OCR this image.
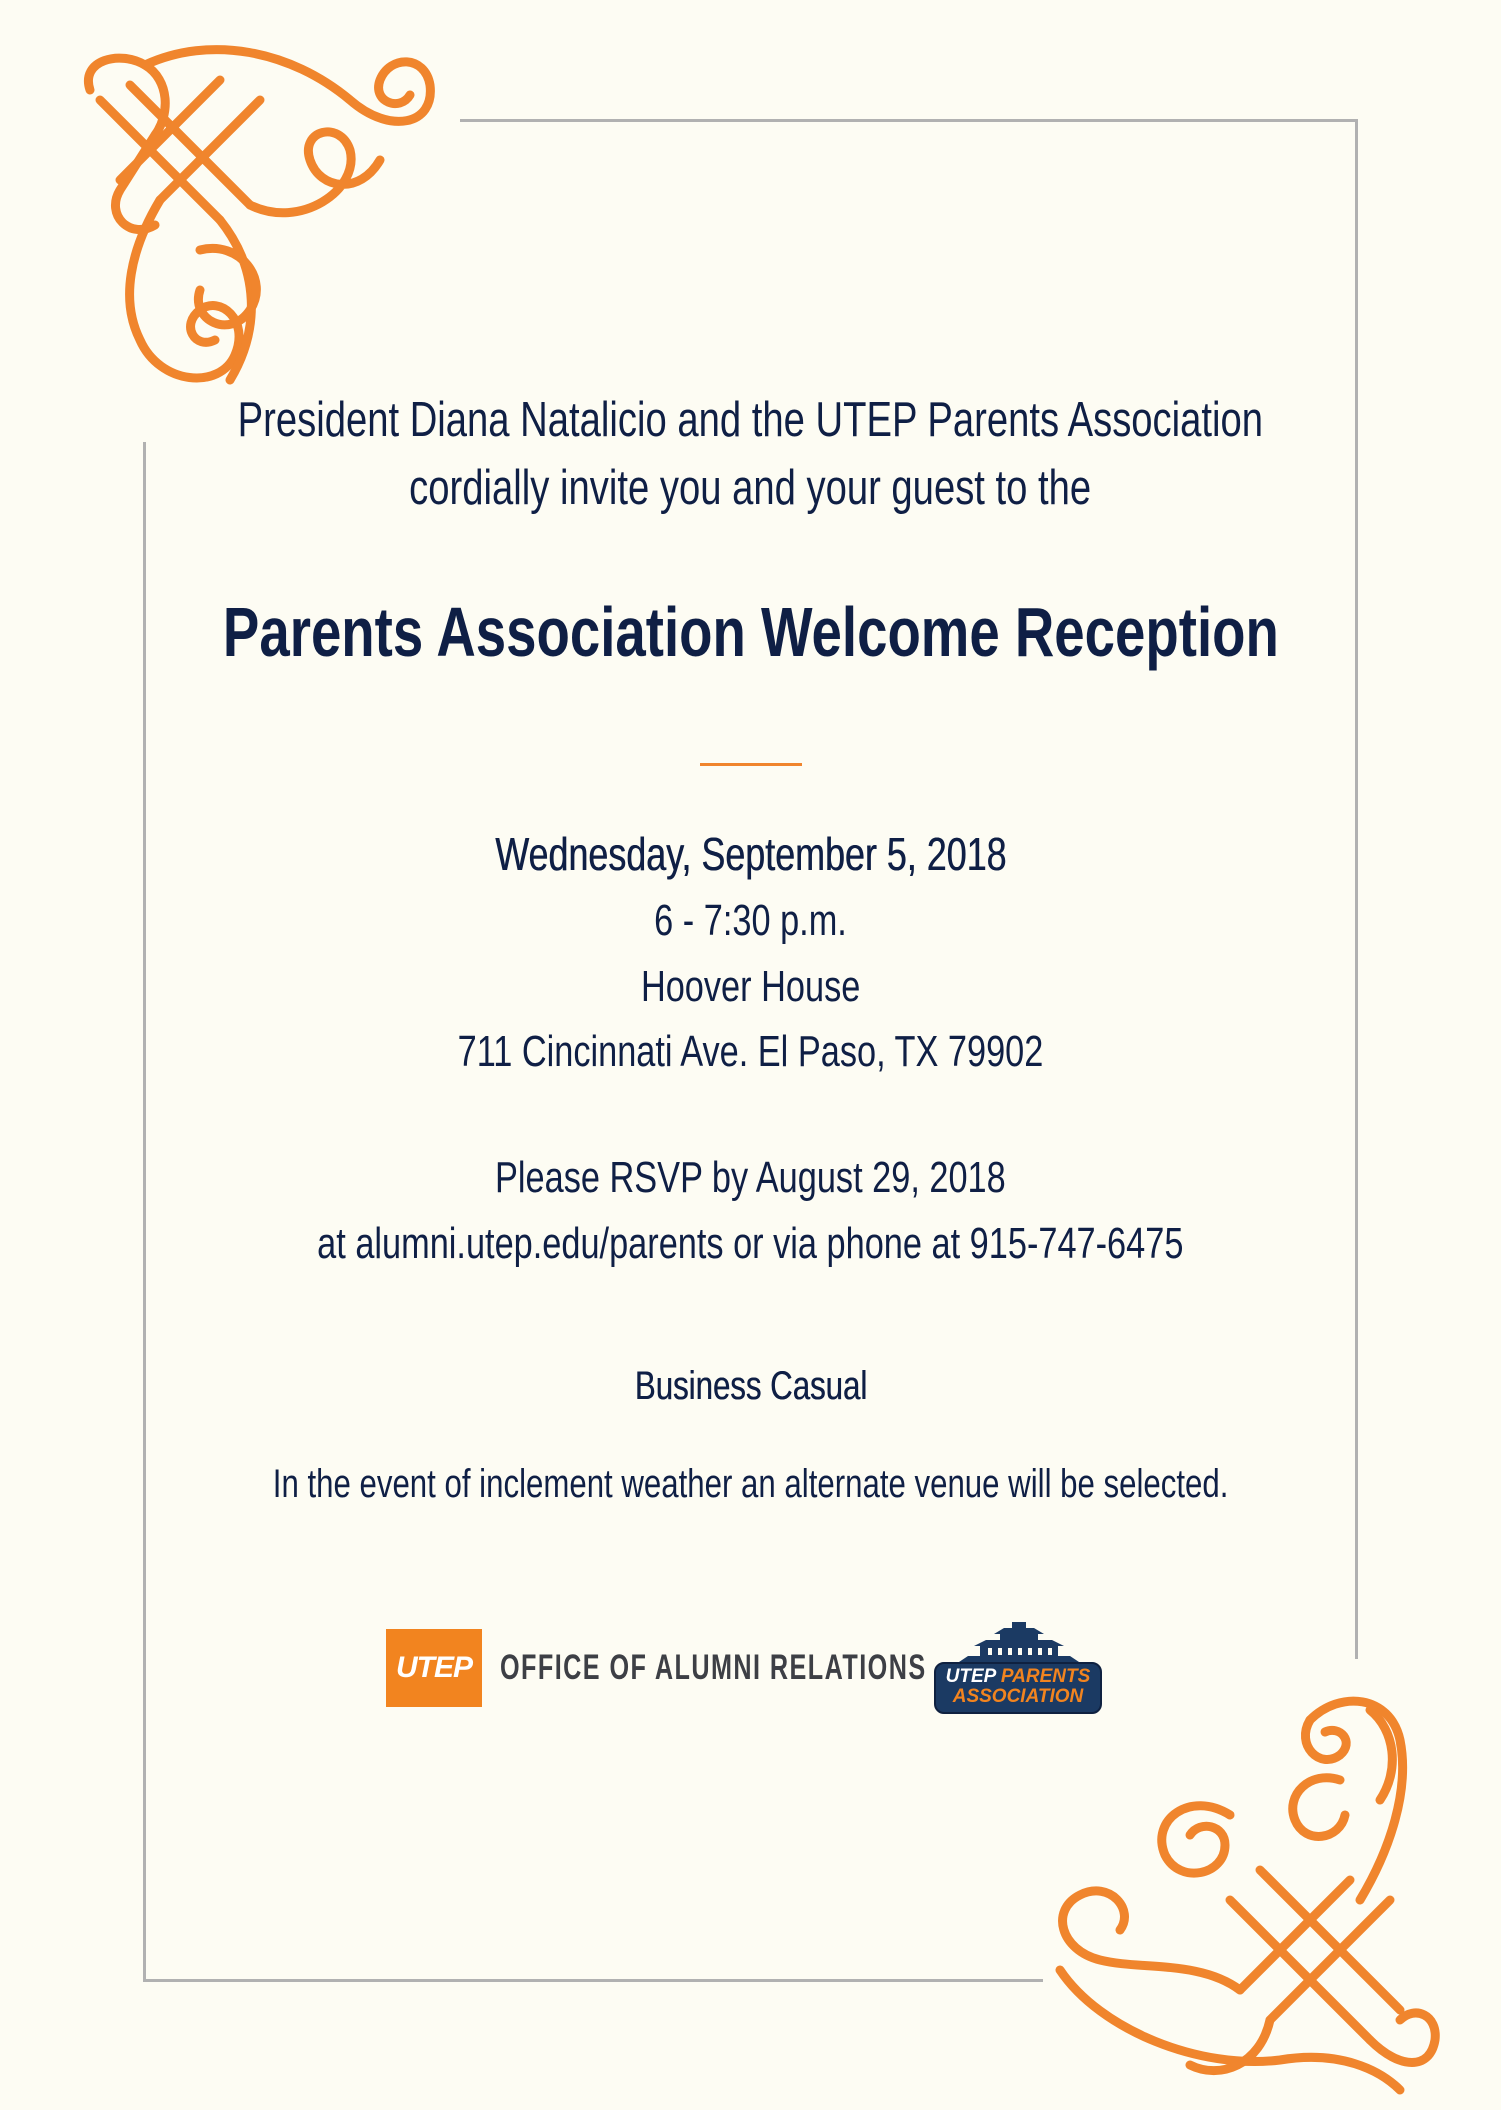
President Diana Natalicio and the UTEP Parents Association
cordially invite you and your guest to the
Parents Association Welcome Reception
Wednesday, September 5, 2018
6 - 7:30 p.m.
Hoover House
711 Cincinnati Ave. El Paso, TX 79902
Please RSVP by August 29, 2018
at alumni.utep.edu/parents or via phone at 915-747-6475
Business Casual
In the event of inclement weather an alternate venue will be selected.
UTEP OFFICE OF ALUMNI RELATIONS	UTEP PARENTS
ASSOCIATION
